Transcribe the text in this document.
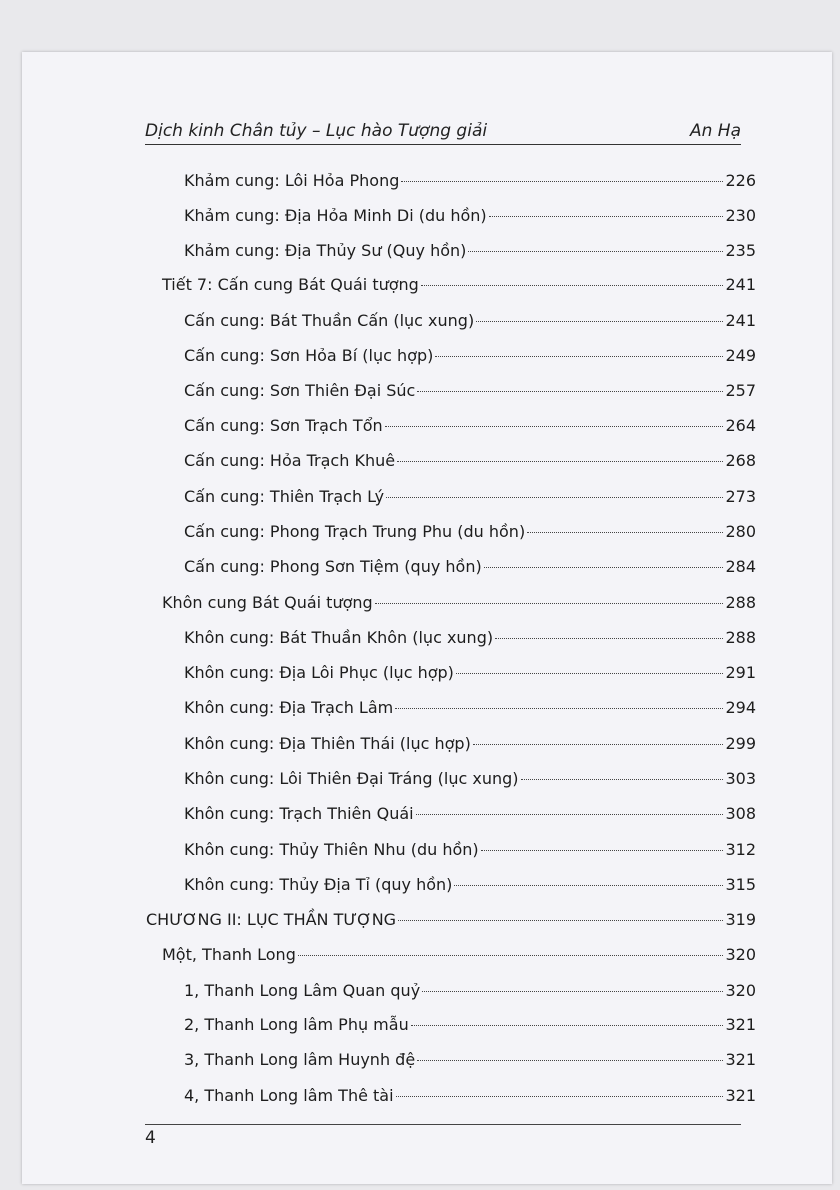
Dịch kinh Chân tủy – Lục hào Tượng giải	An Hạ
Khảm cung: Lôi Hỏa Phong	226
Khảm cung: Địa Hỏa Minh Di (du hồn)	230
Khảm cung: Địa Thủy Sư (Quy hồn)	235
Tiết 7: Cấn cung Bát Quái tượng	241
Cấn cung: Bát Thuần Cấn (lục xung)	241
Cấn cung: Sơn Hỏa Bí (lục hợp)	249
Cấn cung: Sơn Thiên Đại Súc	257
Cấn cung: Sơn Trạch Tổn	264
Cấn cung: Hỏa Trạch Khuê	268
Cấn cung: Thiên Trạch Lý	273
Cấn cung: Phong Trạch Trung Phu (du hồn)	280
Cấn cung: Phong Sơn Tiệm (quy hồn)	284
Khôn cung Bát Quái tượng	288
Khôn cung: Bát Thuần Khôn (lục xung)	288
Khôn cung: Địa Lôi Phục (lục hợp)	291
Khôn cung: Địa Trạch Lâm	294
Khôn cung: Địa Thiên Thái (lục hợp)	299
Khôn cung: Lôi Thiên Đại Tráng (lục xung)	303
Khôn cung: Trạch Thiên Quái	308
Khôn cung: Thủy Thiên Nhu (du hồn)	312
Khôn cung: Thủy Địa Tỉ (quy hồn)	315
CHƯƠNG II: LỤC THẦN TƯỢNG	319
Một, Thanh Long	320
1, Thanh Long Lâm Quan quỷ	320
2, Thanh Long lâm Phụ mẫu	321
3, Thanh Long lâm Huynh đệ	321
4, Thanh Long lâm Thê tài	321
4
